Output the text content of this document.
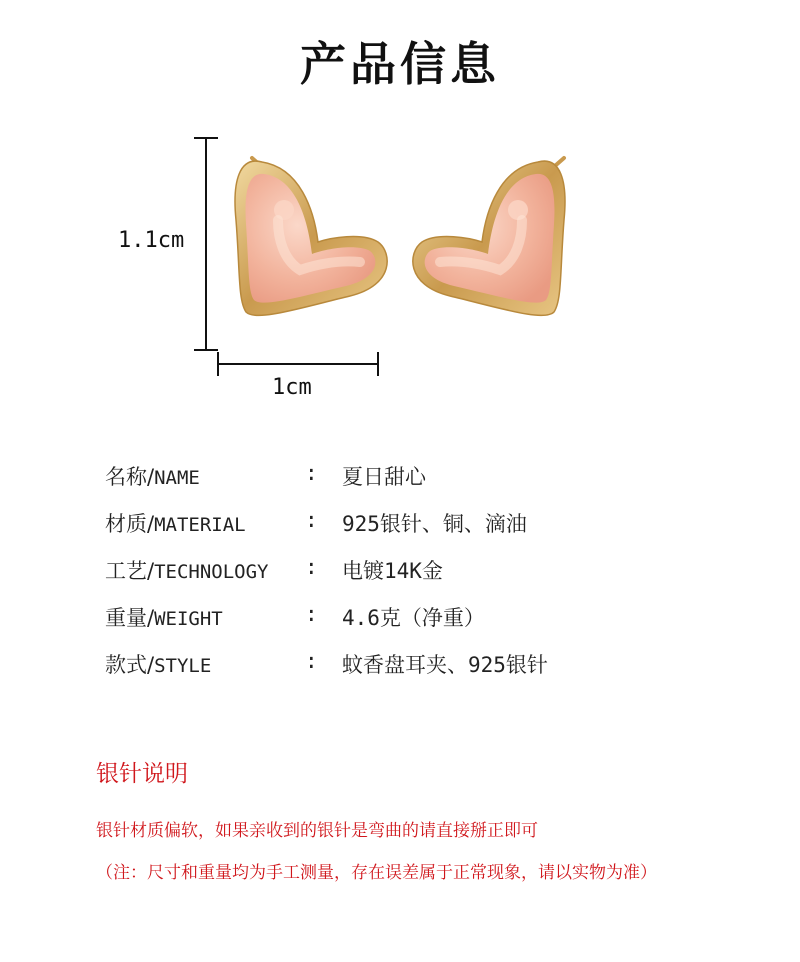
产品信息
1.1cm
1cm
名称/NAME	: 夏日甜心
材质/MATERIAL	: 925银针、铜、滴油
工艺/TECHNOLOGY : 电镀14K金
重量/WEIGHT	: 4.6克（净重）
款式/STYLE	: 蚊香盘耳夹、925银针
银针说明
银针材质偏软，如果亲收到的银针是弯曲的请直接掰正即可
（注：尺寸和重量均为手工测量，存在误差属于正常现象，请以实物为准）
